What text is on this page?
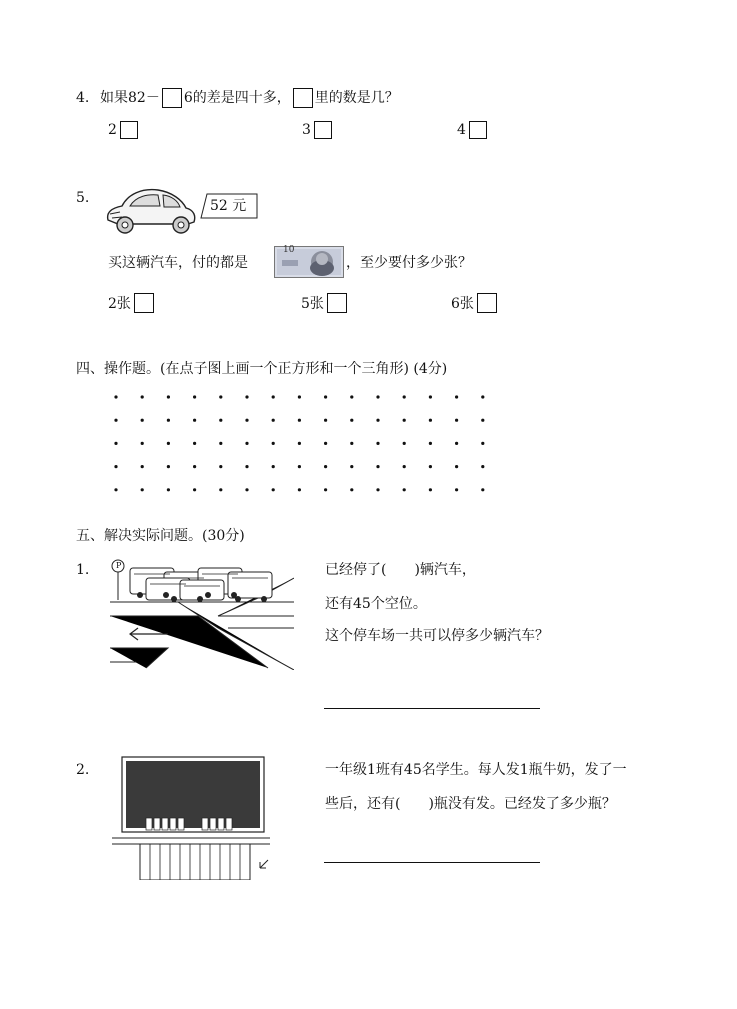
4. 如果82－ 6的差是四十多， 里的数是几？
2	3	4
5.	52 元
买这辆汽车，付的都是
10
，至少要付多少张？
2张	5张	6张
四、操作题。(在点子图上画一个正方形和一个三角形) (4分)
五、解决实际问题。(30分)
1.	P	已经停了(　　)辆汽车，
还有45个空位。
这个停车场一共可以停多少辆汽车？
2.	一年级1班有45名学生。每人发1瓶牛奶，发了一
些后，还有(　　)瓶没有发。已经发了多少瓶？
